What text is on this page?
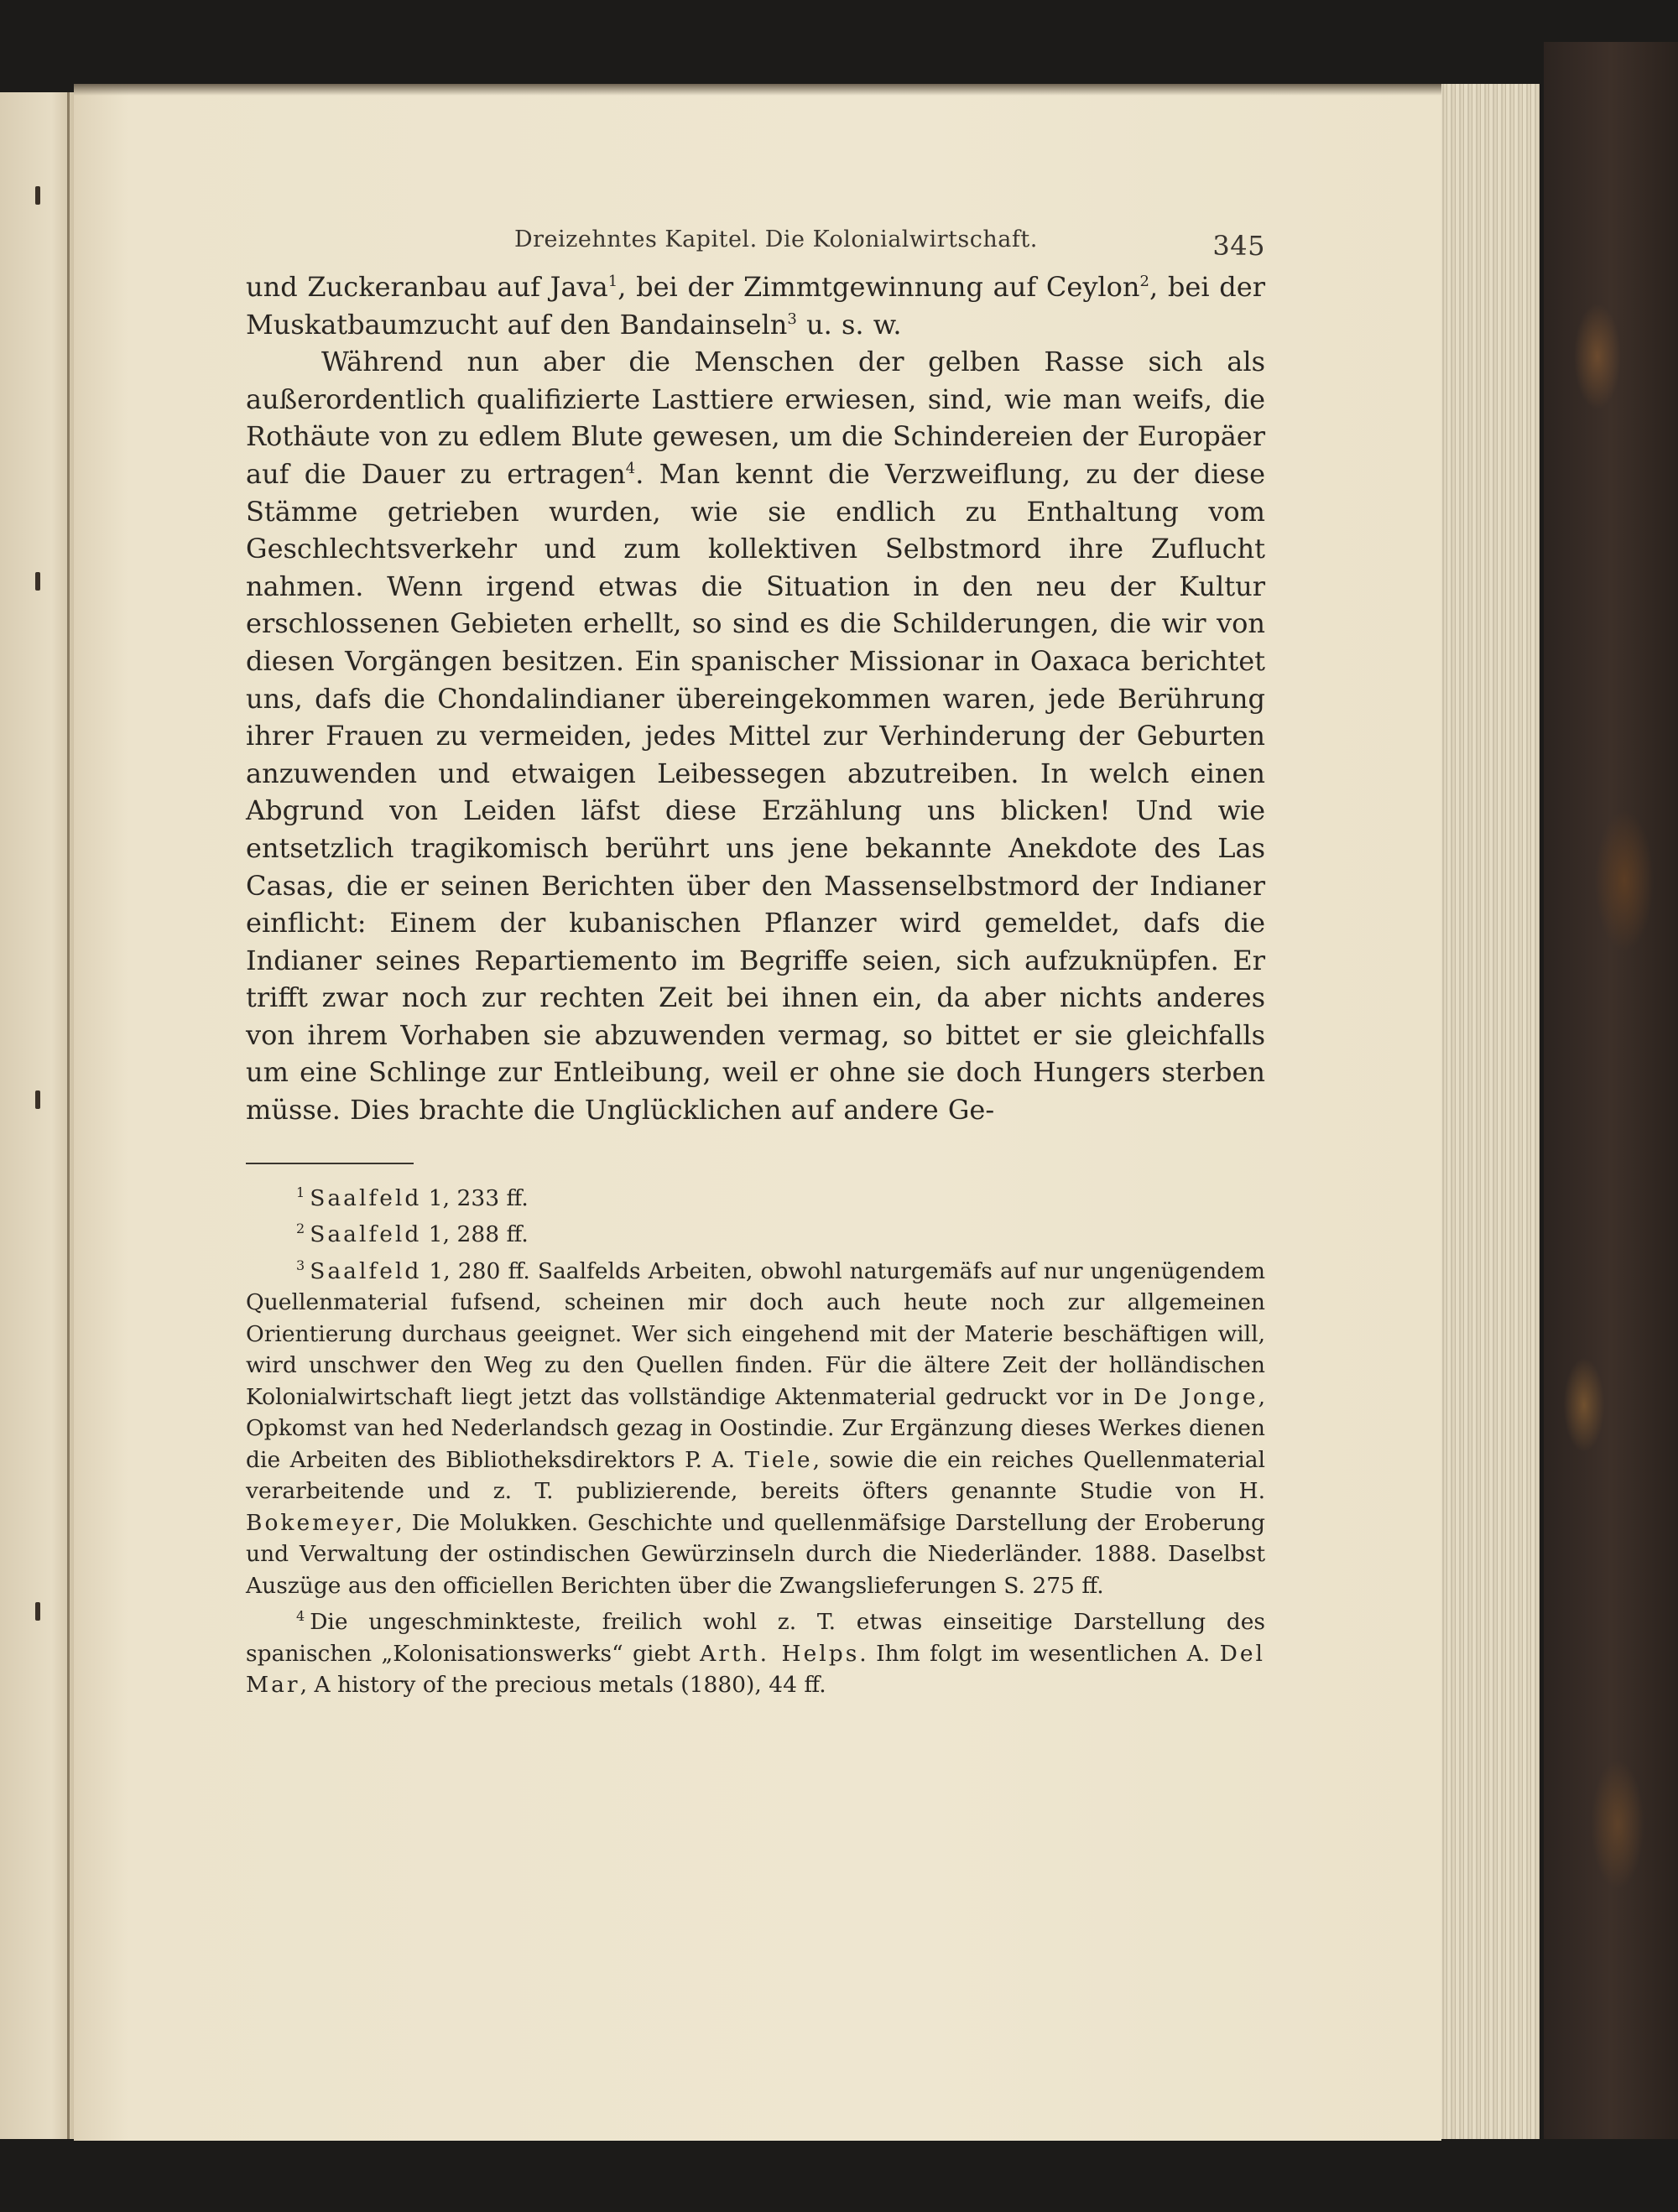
Dreizehntes Kapitel. Die Kolonialwirtschaft.	345

und Zuckeranbau auf Java$^1$, bei der Zimmtgewinnung auf Ceylon$^2$, bei der Muskatbaumzucht auf den Bandainseln$^3$ u. s. w.

Während nun aber die Menschen der gelben Rasse sich als außerordentlich qualifizierte Lasttiere erwiesen, sind, wie man weifs, die Rothäute von zu edlem Blute gewesen, um die Schindereien der Europäer auf die Dauer zu ertragen$^4$. Man kennt die Verzweiflung, zu der diese Stämme getrieben wurden, wie sie endlich zu Enthaltung vom Geschlechtsverkehr und zum kollektiven Selbstmord ihre Zuflucht nahmen. Wenn irgend etwas die Situation in den neu der Kultur erschlossenen Gebieten erhellt, so sind es die Schilderungen, die wir von diesen Vorgängen besitzen. Ein spanischer Missionar in Oaxaca berichtet uns, dafs die Chondalindianer übereingekommen waren, jede Berührung ihrer Frauen zu vermeiden, jedes Mittel zur Verhinderung der Geburten anzuwenden und etwaigen Leibessegen abzutreiben. In welch einen Abgrund von Leiden läfst diese Erzählung uns blicken! Und wie entsetzlich tragikomisch berührt uns jene bekannte Anekdote des Las Casas, die er seinen Berichten über den Massenselbstmord der Indianer einflicht: Einem der kubanischen Pflanzer wird gemeldet, dafs die Indianer seines Repartiemento im Begriffe seien, sich aufzuknüpfen. Er trifft zwar noch zur rechten Zeit bei ihnen ein, da aber nichts anderes von ihrem Vorhaben sie abzuwenden vermag, so bittet er sie gleichfalls um eine Schlinge zur Entleibung, weil er ohne sie doch Hungers sterben müsse. Dies brachte die Unglücklichen auf andere Ge-

$^1$ Saalfeld 1, 233 ff.

$^2$ Saalfeld 1, 288 ff.

$^3$ Saalfeld 1, 280 ff. Saalfelds Arbeiten, obwohl naturgemäfs auf nur ungenügendem Quellenmaterial fufsend, scheinen mir doch auch heute noch zur allgemeinen Orientierung durchaus geeignet. Wer sich eingehend mit der Materie beschäftigen will, wird unschwer den Weg zu den Quellen finden. Für die ältere Zeit der holländischen Kolonialwirtschaft liegt jetzt das vollständige Aktenmaterial gedruckt vor in De Jonge, Opkomst van hed Nederlandsch gezag in Oostindie. Zur Ergänzung dieses Werkes dienen die Arbeiten des Bibliotheksdirektors P. A. Tiele, sowie die ein reiches Quellenmaterial verarbeitende und z. T. publizierende, bereits öfters genannte Studie von H. Bokemeyer, Die Molukken. Geschichte und quellenmäfsige Darstellung der Eroberung und Verwaltung der ostindischen Gewürzinseln durch die Niederländer. 1888. Daselbst Auszüge aus den officiellen Berichten über die Zwangslieferungen S. 275 ff.

$^4$ Die ungeschminkteste, freilich wohl z. T. etwas einseitige Darstellung des spanischen „Kolonisationswerks“ giebt Arth. Helps. Ihm folgt im wesentlichen A. Del Mar, A history of the precious metals (1880), 44 ff.
